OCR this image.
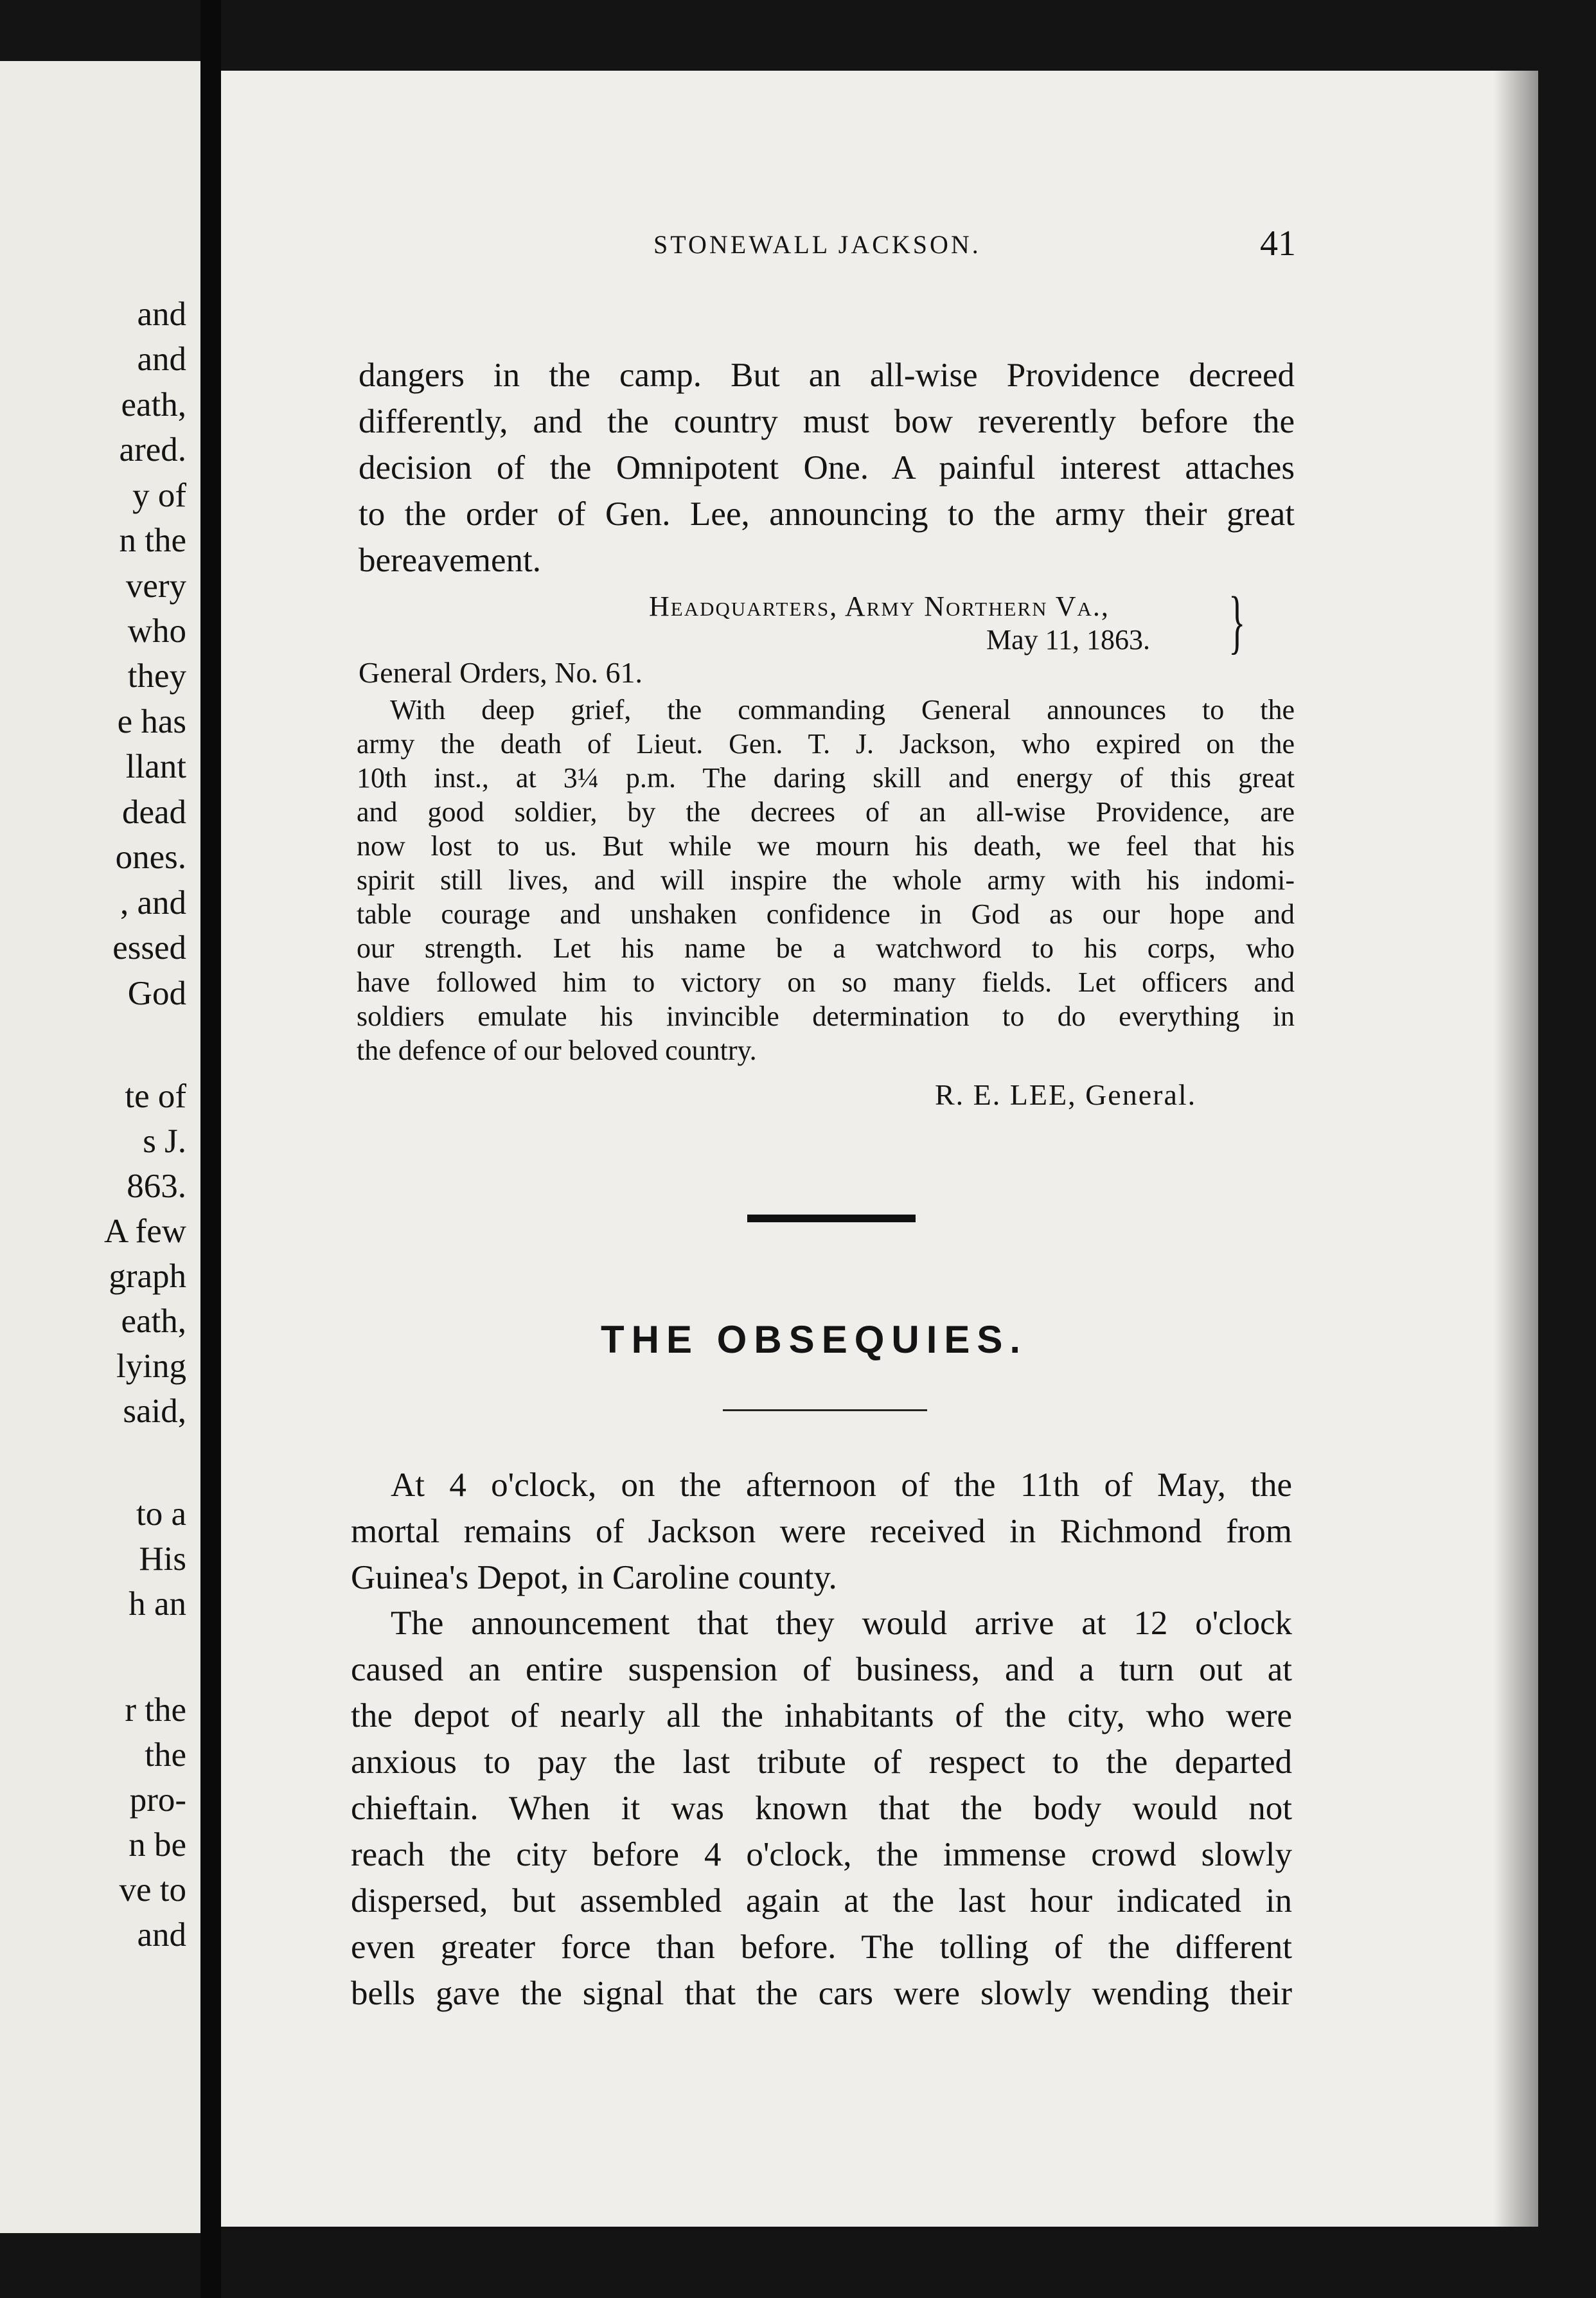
and
and
eath,
ared.
y of
n the
very
who
they
e has
llant
dead
ones.
, and
essed
God
te of
s J.
863.
A few
graph
eath,
lying
said,
to a
His
h an
r the
the
pro-
n be
ve to
and
STONEWALL JACKSON.	41
dangers in the camp. But an all-wise Providence decreed
differently, and the country must bow reverently before the
decision of the Omnipotent One. A painful interest attaches
to the order of Gen. Lee, announcing to the army their great
bereavement.
Headquarters, Army Northern Va.,
May 11, 1863. }
General Orders, No. 61.
With deep grief, the commanding General announces to the
army the death of Lieut. Gen. T. J. Jackson, who expired on the
10th inst., at 3¼ p.m. The daring skill and energy of this great
and good soldier, by the decrees of an all-wise Providence, are
now lost to us. But while we mourn his death, we feel that his
spirit still lives, and will inspire the whole army with his indomi-
table courage and unshaken confidence in God as our hope and
our strength. Let his name be a watchword to his corps, who
have followed him to victory on so many fields. Let officers and
soldiers emulate his invincible determination to do everything in
the defence of our beloved country.
R. E. LEE, General.
THE OBSEQUIES.
At 4 o'clock, on the afternoon of the 11th of May, the
mortal remains of Jackson were received in Richmond from
Guinea's Depot, in Caroline county.
The announcement that they would arrive at 12 o'clock
caused an entire suspension of business, and a turn out at
the depot of nearly all the inhabitants of the city, who were
anxious to pay the last tribute of respect to the departed
chieftain. When it was known that the body would not
reach the city before 4 o'clock, the immense crowd slowly
dispersed, but assembled again at the last hour indicated in
even greater force than before. The tolling of the different
bells gave the signal that the cars were slowly wending their
